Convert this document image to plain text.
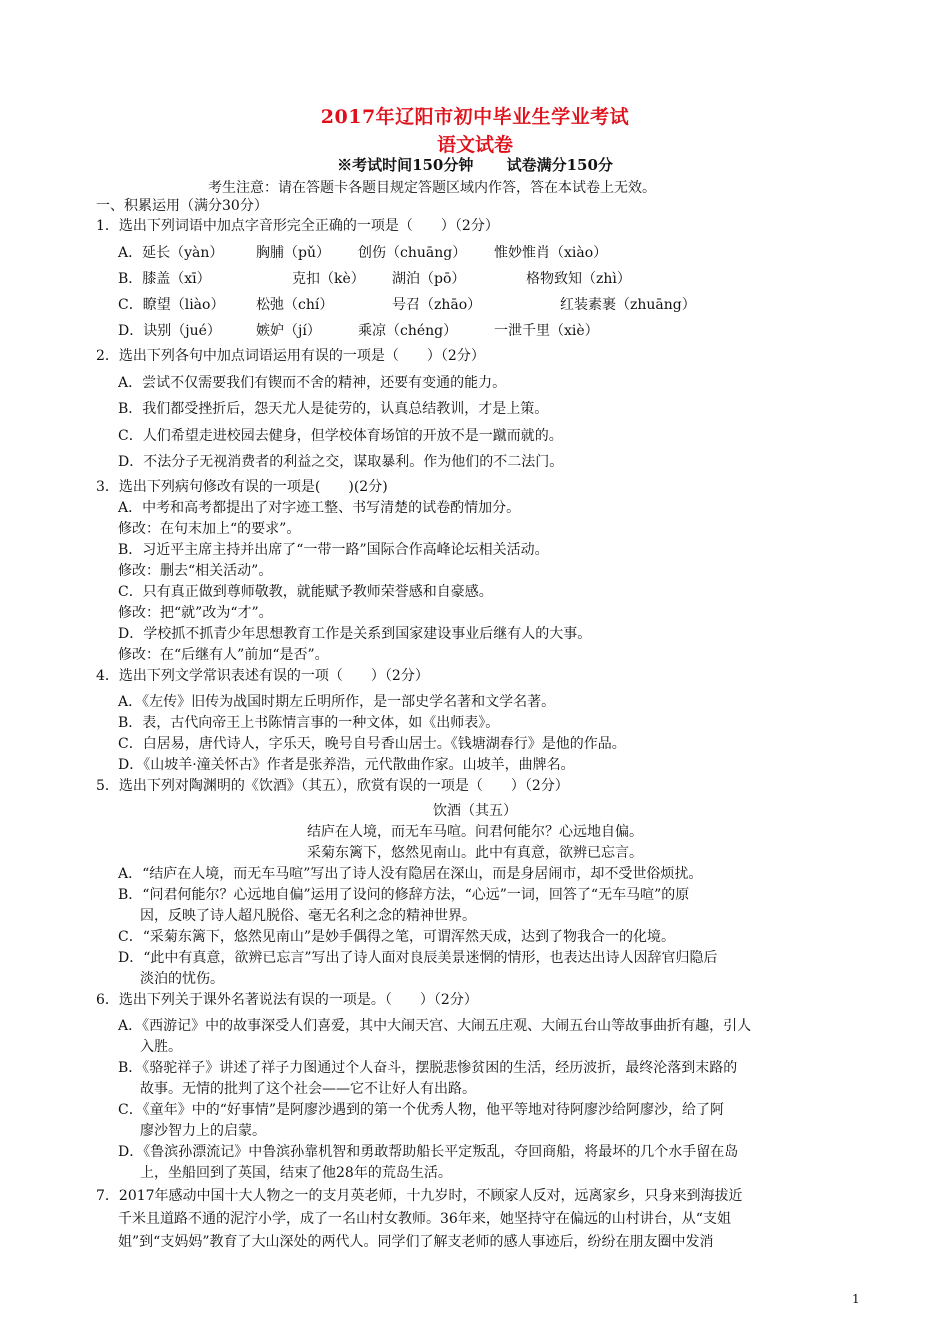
2017年辽阳市初中毕业生学业考试
语文试卷
※考试时间150分钟 试卷满分150分
考生注意：请在答题卡各题目规定答题区域内作答，答在本试卷上无效。
一、积累运用（满分30分）
1．选出下列词语中加点字音形完全正确的一项是（　　）（2分）
A．延长（yàn） 胸脯（pǔ） 创伤（chuāng） 惟妙惟肖（xiào）
B．膝盖（xī）	克扣（kè） 湖泊（pō）	格物致知（zhì）
C．瞭望（liào） 松弛（chí）	号召（zhāo）	红装素裹（zhuāng）
D．诀别（jué）	嫉妒（jí）	乘凉（chéng）	一泄千里（xiè）
2．选出下列各句中加点词语运用有误的一项是（　　）（2分）
A．尝试不仅需要我们有锲而不舍的精神，还要有变通的能力。
B．我们都受挫折后，怨天尤人是徒劳的，认真总结教训，才是上策。
C．人们希望走进校园去健身，但学校体育场馆的开放不是一蹴而就的。
D．不法分子无视消费者的利益之交，谋取暴利。作为他们的不二法门。
3．选出下列病句修改有误的一项是(　　)(2分)
A．中考和高考都提出了对字迹工整、书写清楚的试卷酌情加分。
修改：在句末加上“的要求”。
B．习近平主席主持并出席了“一带一路”国际合作高峰论坛相关活动。
修改：删去“相关活动”。
C．只有真正做到尊师敬教，就能赋予教师荣誉感和自豪感。
修改：把“就”改为“才”。
D．学校抓不抓青少年思想教育工作是关系到国家建设事业后继有人的大事。
修改：在“后继有人”前加“是否”。
4．选出下列文学常识表述有误的一项（　　）（2分）
A．《左传》旧传为战国时期左丘明所作，是一部史学名著和文学名著。
B．表，古代向帝王上书陈情言事的一种文体，如《出师表》。
C．白居易，唐代诗人，字乐天，晚号自号香山居士。《钱塘湖春行》是他的作品。
D．《山坡羊·潼关怀古》作者是张养浩，元代散曲作家。山坡羊，曲牌名。
5．选出下列对陶渊明的《饮酒》（其五），欣赏有误的一项是（　　）（2分）
饮酒（其五）
结庐在人境，而无车马喧。问君何能尔？心远地自偏。
采菊东篱下，悠然见南山。此中有真意，欲辨已忘言。
A．“结庐在人境，而无车马喧”写出了诗人没有隐居在深山，而是身居闹市，却不受世俗烦扰。
B．“问君何能尔？心远地自偏”运用了设问的修辞方法，“心远”一词，回答了“无车马喧”的原
因，反映了诗人超凡脱俗、毫无名利之念的精神世界。
C．“采菊东篱下，悠然见南山”是妙手偶得之笔，可谓浑然天成，达到了物我合一的化境。
D．“此中有真意，欲辨已忘言”写出了诗人面对良辰美景迷惘的情形，也表达出诗人因辞官归隐后
淡泊的忧伤。
6．选出下列关于课外名著说法有误的一项是。（　　）（2分）
A．《西游记》中的故事深受人们喜爱，其中大闹天宫、大闹五庄观、大闹五台山等故事曲折有趣，引人
入胜。
B．《骆驼祥子》讲述了祥子力图通过个人奋斗，摆脱悲惨贫困的生活，经历波折，最终沦落到末路的
故事。无情的批判了这个社会——它不让好人有出路。
C．《童年》中的“好事情”是阿廖沙遇到的第一个优秀人物，他平等地对待阿廖沙给阿廖沙，给了阿
廖沙智力上的启蒙。
D．《鲁滨孙漂流记》中鲁滨孙靠机智和勇敢帮助船长平定叛乱，夺回商船，将最坏的几个水手留在岛
上，坐船回到了英国，结束了他28年的荒岛生活。
7．2017年感动中国十大人物之一的支月英老师，十九岁时，不顾家人反对，远离家乡，只身来到海拔近
千米且道路不通的泥泞小学，成了一名山村女教师。36年来，她坚持守在偏远的山村讲台，从“支姐
姐”到“支妈妈”教育了大山深处的两代人。同学们了解支老师的感人事迹后，纷纷在朋友圈中发消
1
